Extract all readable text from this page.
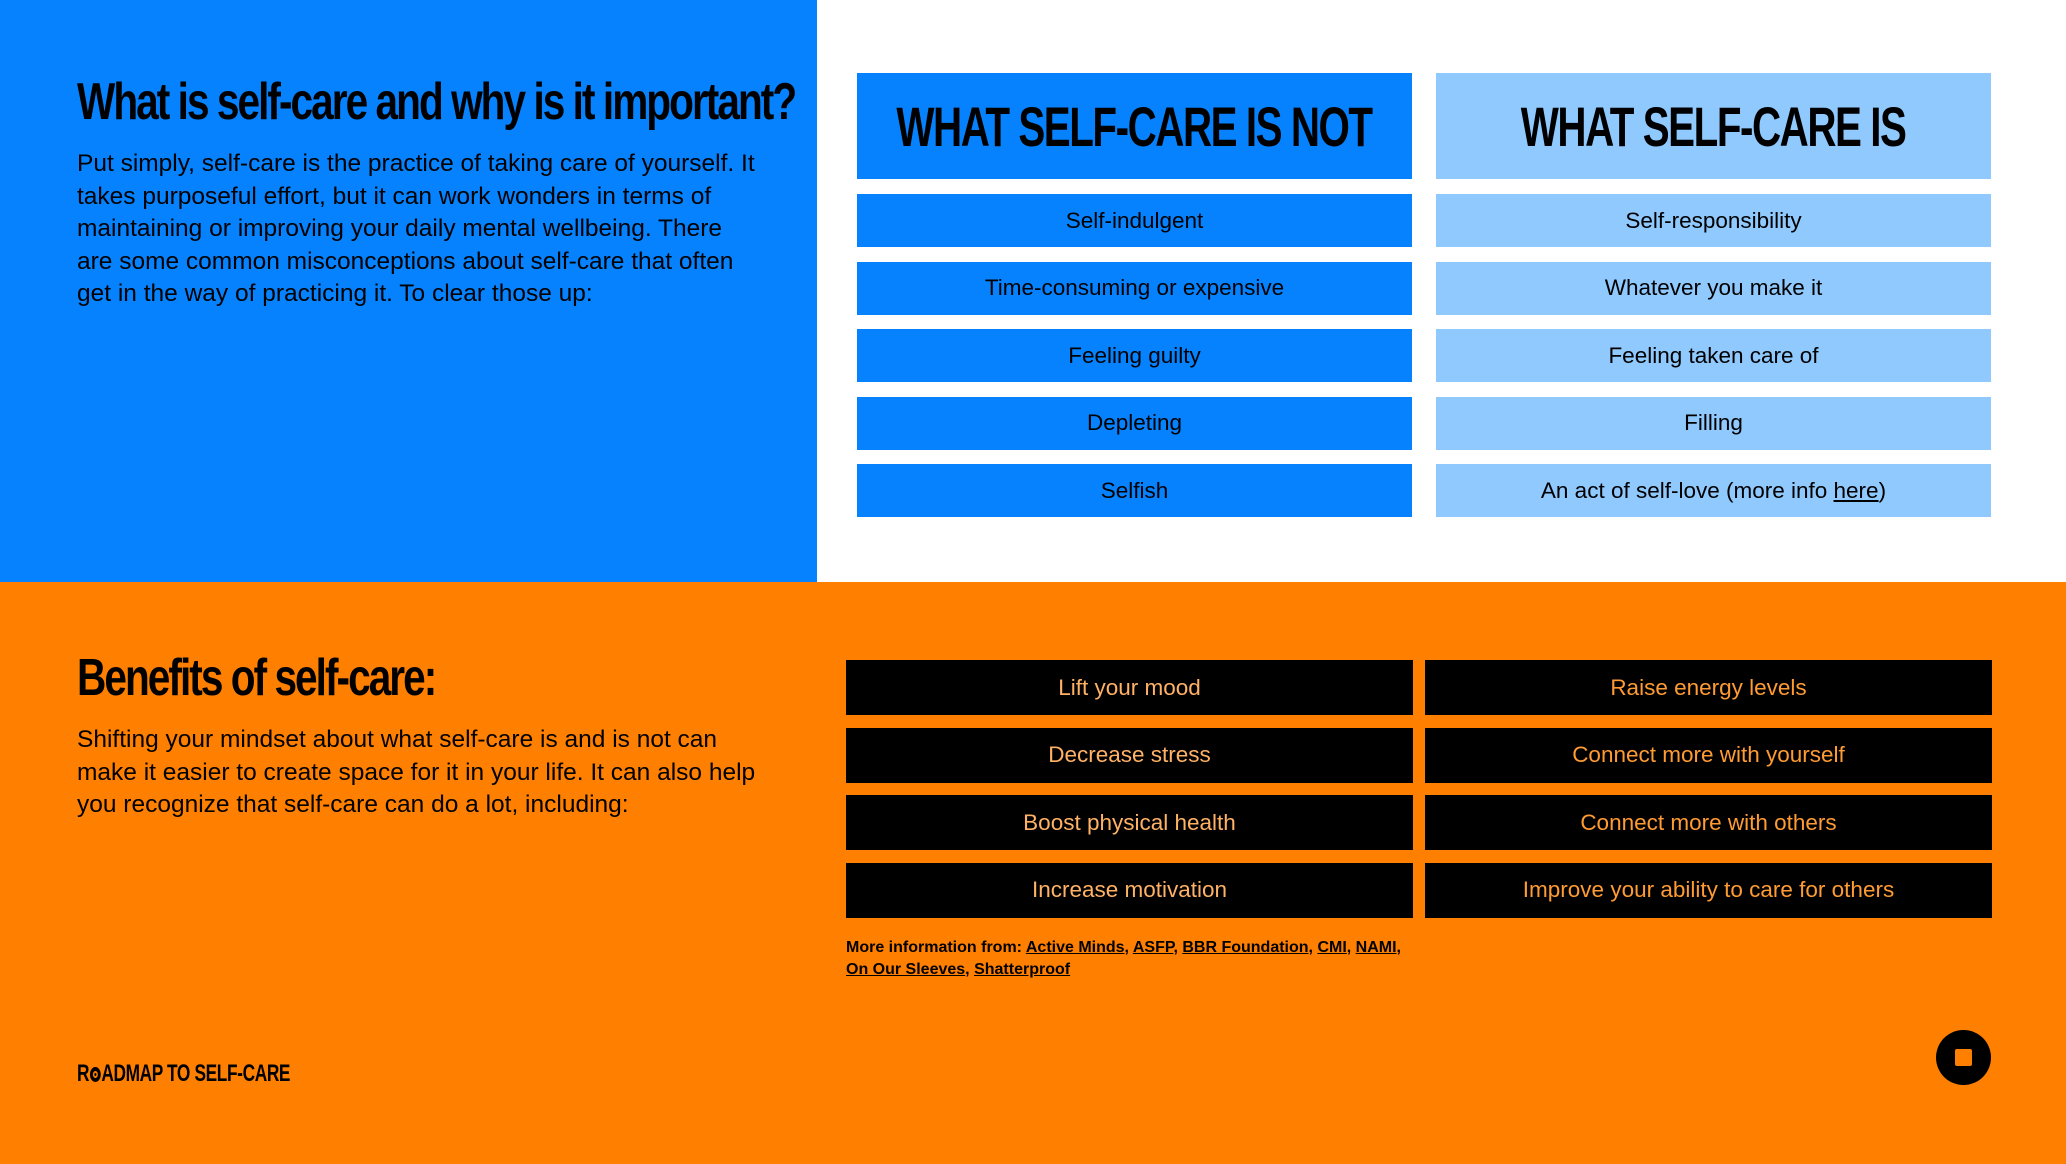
What is self-care and why is it important?

Put simply, self-care is the practice of taking care of yourself. It takes purposeful effort, but it can work wonders in terms of maintaining or improving your daily mental wellbeing. There are some common misconceptions about self-care that often get in the way of practicing it. To clear those up:

WHAT SELF-CARE IS NOT
Self-indulgent
Time-consuming or expensive
Feeling guilty
Depleting
Selfish
WHAT SELF-CARE IS
Self-responsibility
Whatever you make it
Feeling taken care of
Filling
An act of self-love (more info here )
Benefits of self-care:

Shifting your mindset about what self-care is and is not can make it easier to create space for it in your life. It can also help you recognize that self-care can do a lot, including:

Lift your mood
Decrease stress
Boost physical health
Increase motivation
Raise energy levels
Connect more with yourself
Connect more with others
Improve your ability to care for others
More information from: Active Minds, ASFP, BBR Foundation, CMI, NAMI, On Our Sleeves, Shatterproof
R ADMAP TO SELF-CARE
